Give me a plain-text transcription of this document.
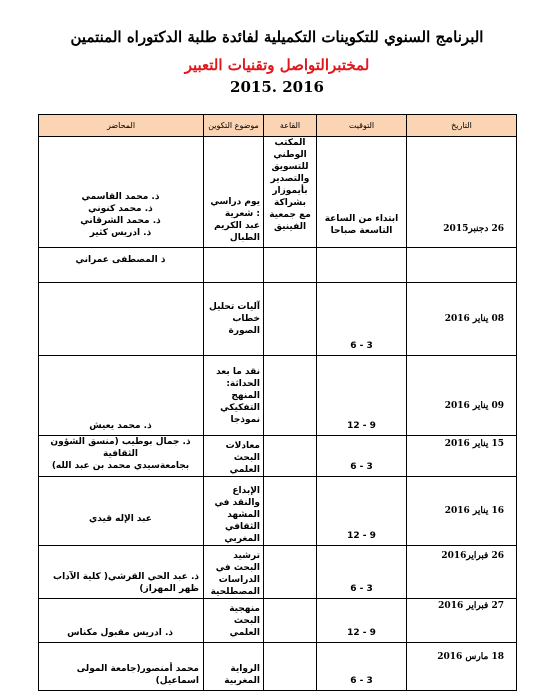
البرنامج السنوي للتكوينات التكميلية لفائدة طلبة الدكتوراه المنتمين
لمختبرالتواصل وتقنيات التعبير
2016 .2015
التاريخ	التوقيت	القاعة	موضوع التكوين	المحاضر
26 دجنبر2015	ابتداء من الساعة التاسعة صباحا	المكتب الوطني للتسويق والتصدير بأيموزار بشراكة مع جمعية الفينيق	يوم دراسي : شعرية عبد الكريم الطبال	ذ. محمد القاسمي
ذ. محمد كنوني
ذ. محمد الشرقاني
ذ. ادريس كثير

				ذ المصطفى عمراني

08 يناير 2016	3 - 6		آليات تحليل خطاب الصورة	
09 يناير 2016	9 - 12		نقد ما بعد الحداثة: المنهج التفكيكي نموذجا	ذ. محمد يعيش

15 يناير 2016	3 - 6		معادلات البحث العلمي	ذ. جمال بوطيب (منسق الشؤون الثقافية
بجامعةسيدي محمد بن عبد الله)

16 يناير 2016	9 - 12		الإبداع والنقد في المشهد الثقافي المغربي	عبد الإله قيدي

26 فبراير2016	3 - 6		ترشيد البحث في الدراسات المصطلحية	ذ. عبد الحي القرشي( كلية الآداب ظهر المهراز)

27 فبراير 2016	9 - 12		منهجية البحث العلمي	ذ. ادريس مقبول مكناس

18 مارس 2016	3 - 6		الرواية المغربية	محمد أمنصور(جامعة المولى اسماعيل)
